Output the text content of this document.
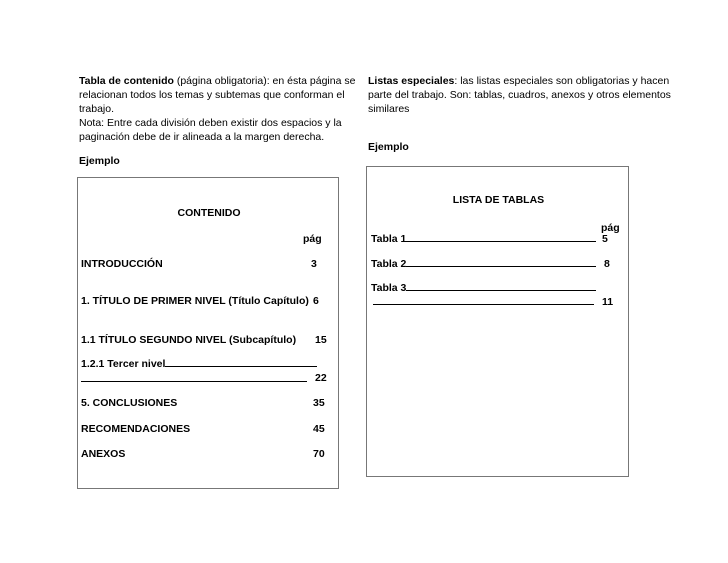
Tabla de contenido (página obligatoria): en ésta página se
relacionan todos los temas y subtemas que conforman el
trabajo.
Nota: Entre cada división deben existir dos espacios y la
paginación debe de ir alineada a la margen derecha.
Ejemplo
CONTENIDO
pág
INTRODUCCIÓN	3
1. TÍTULO DE PRIMER NIVEL (Título Capítulo) 6
1.1 TÍTULO SEGUNDO NIVEL (Subcapítulo) 15
1.2.1 Tercer nivel
22
5. CONCLUSIONES	35
RECOMENDACIONES	45
ANEXOS	70
Listas especiales: las listas especiales son obligatorias y hacen
parte del trabajo. Son: tablas, cuadros, anexos y otros elementos
similares
Ejemplo
LISTA DE TABLAS
pág
Tabla 1	5
Tabla 2	8
Tabla 3
11
